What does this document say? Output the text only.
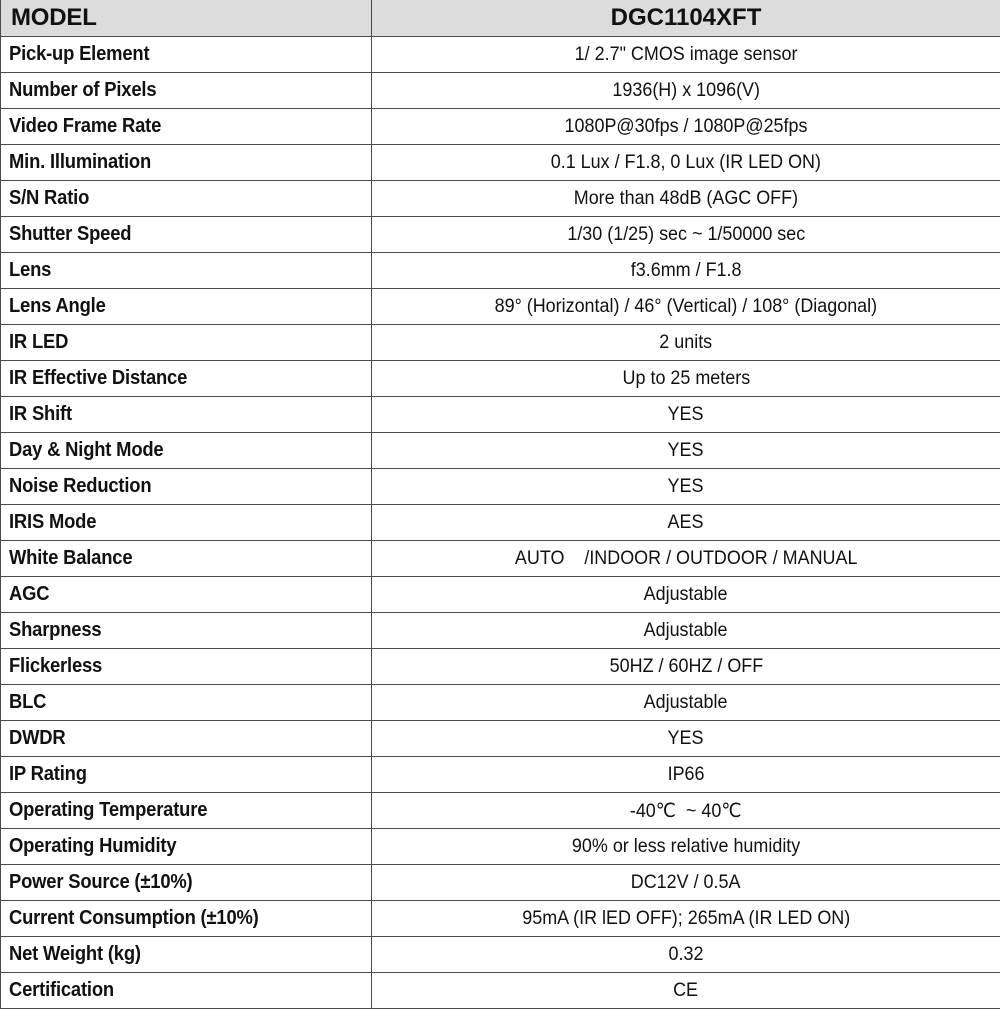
MODEL	DGC1104XFT
Pick-up Element	1/ 2.7" CMOS image sensor
Number of Pixels	1936(H) x 1096(V)
Video Frame Rate	1080P@30fps / 1080P@25fps
Min. Illumination	0.1 Lux / F1.8, 0 Lux (IR LED ON)
S/N Ratio	More than 48dB (AGC OFF)
Shutter Speed	1/30 (1/25) sec ~ 1/50000 sec
Lens	f3.6mm / F1.8
Lens Angle	89° (Horizontal) / 46° (Vertical) / 108° (Diagonal)
IR LED	2 units
IR Effective Distance	Up to 25 meters
IR Shift	YES
Day & Night Mode	YES
Noise Reduction	YES
IRIS Mode	AES
White Balance	AUTO    /INDOOR / OUTDOOR / MANUAL
AGC	Adjustable
Sharpness	Adjustable
Flickerless	50HZ / 60HZ / OFF
BLC	Adjustable
DWDR	YES
IP Rating	IP66
Operating Temperature	-40℃  ~ 40℃
Operating Humidity	90% or less relative humidity
Power Source (±10%)	DC12V / 0.5A
Current Consumption (±10%)	95mA (IR lED OFF); 265mA (IR LED ON)
Net Weight (kg)	0.32
Certification	CE
